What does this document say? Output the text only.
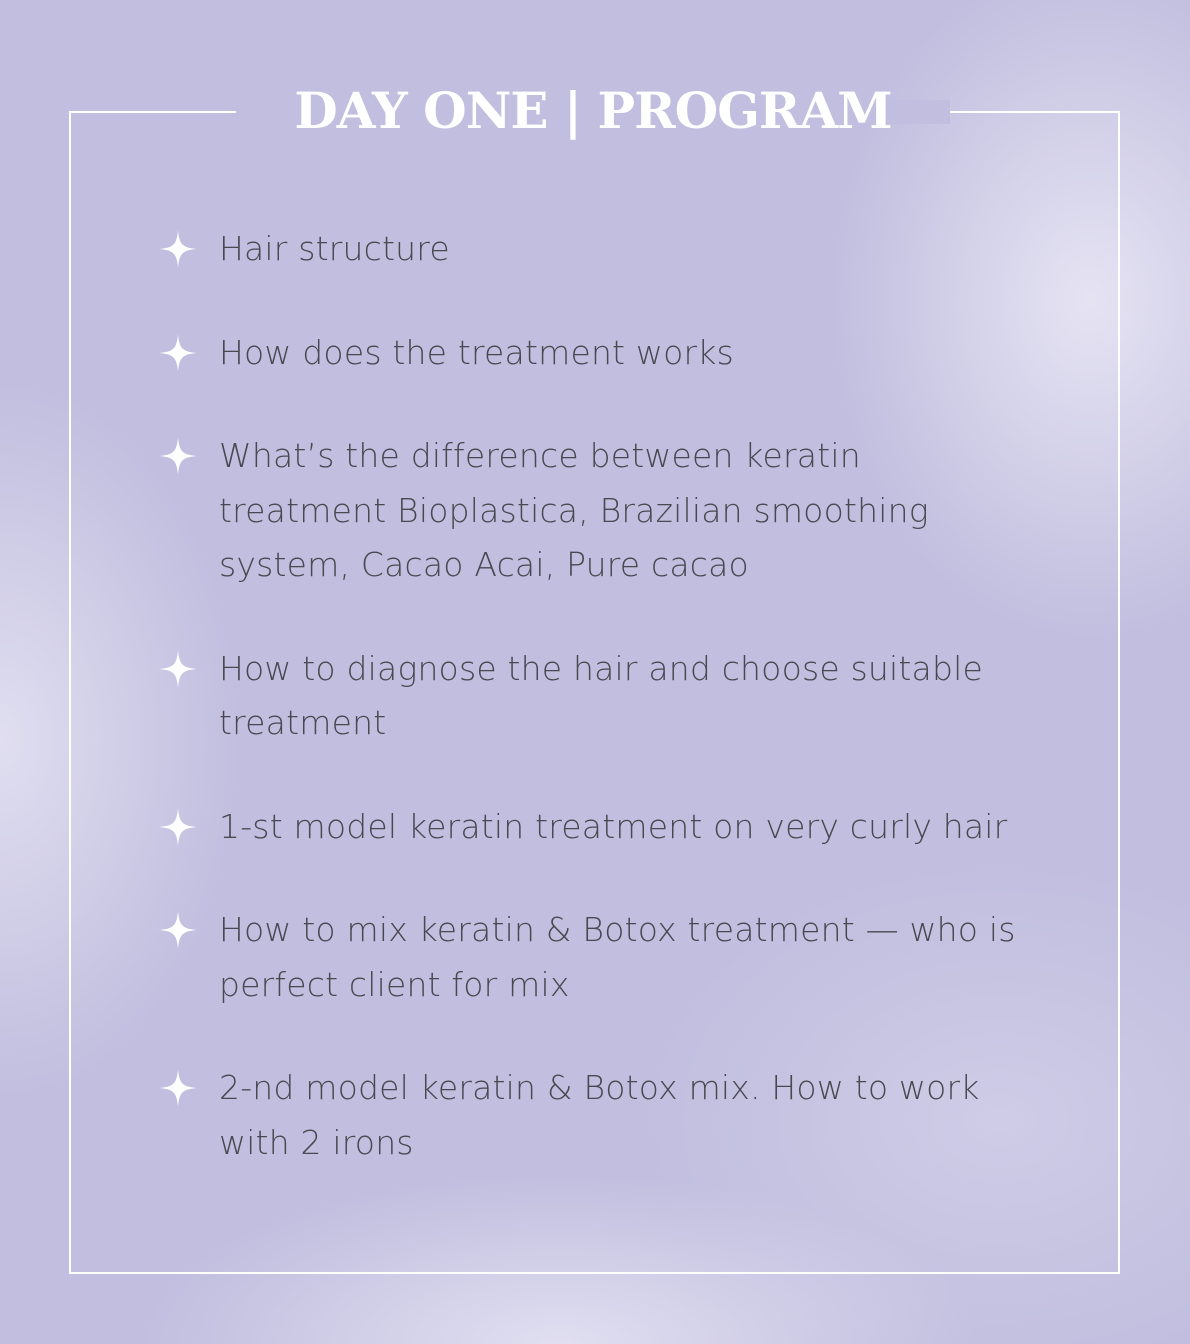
DAY ONE | PROGRAM
Hair structure
How does the treatment works
What’s the difference between keratin treatment Bioplastica, Brazilian smoothing system, Cacao Acai, Pure cacao
How to diagnose the hair and choose suitable treatment
1-st model keratin treatment on very curly hair
How to mix keratin & Botox treatment — who is perfect client for mix
2-nd model keratin & Botox mix. How to work with 2 irons
